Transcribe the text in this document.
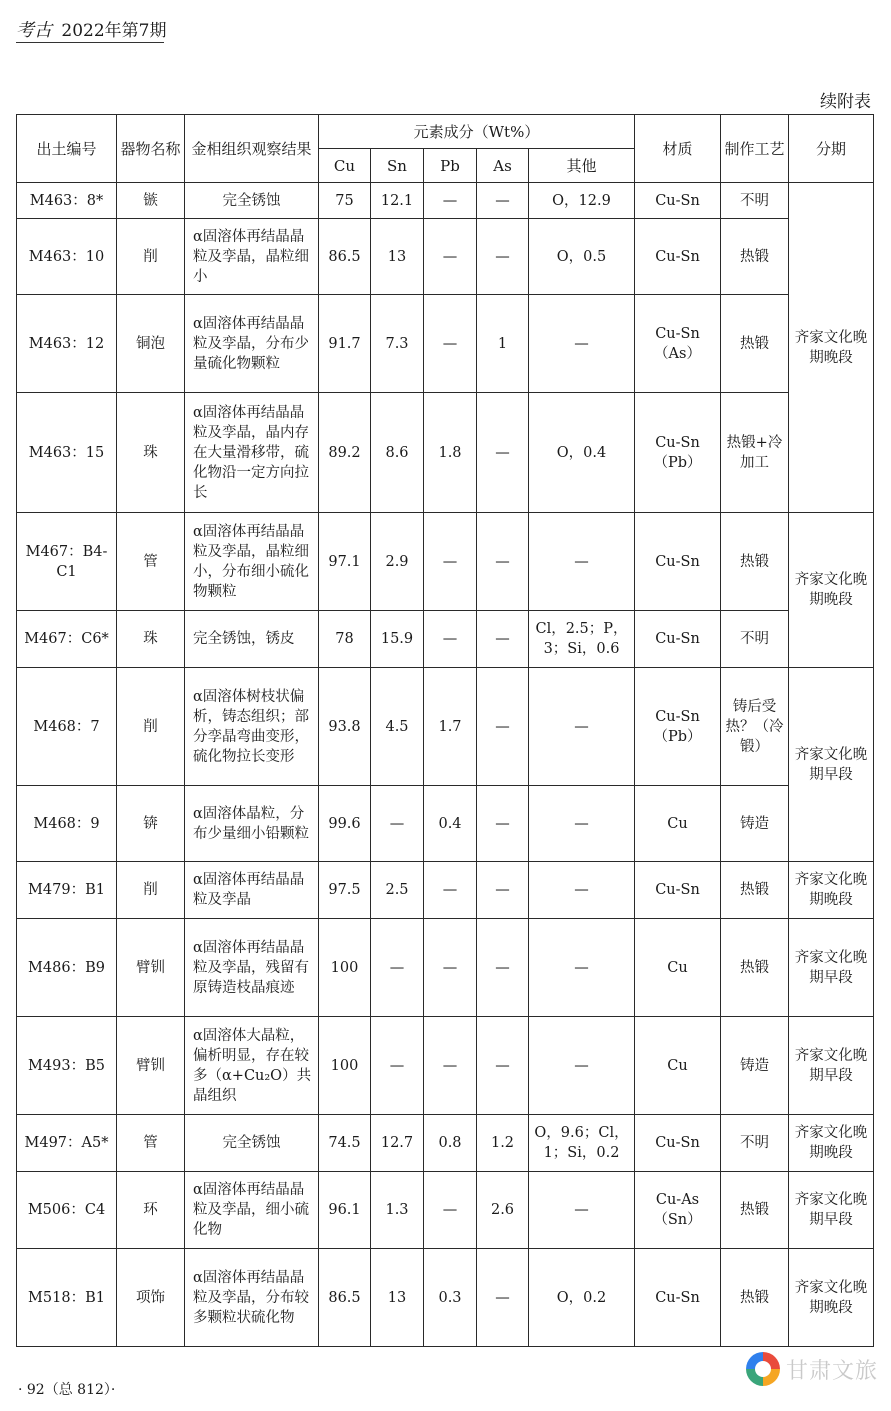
考古 2022年第7期
续附表
出土编号	器物名称	金相组织观察结果	元素成分（Wt%）					材质	制作工艺	分期
			Cu	Sn	Pb	As	其他			
M463：8*	镞	完全锈蚀	75	12.1	—	—	O，12.9	Cu-Sn	不明	齐家文化晚期晚段
M463：10	削	α固溶体再结晶晶粒及孪晶，晶粒细小	86.5	13	—	—	O，0.5	Cu-Sn	热锻	
M463：12	铜泡	α固溶体再结晶晶粒及孪晶，分布少量硫化物颗粒	91.7	7.3	—	1	—	Cu-Sn（As）	热锻	
M463：15	珠	α固溶体再结晶晶粒及孪晶，晶内存在大量滑移带，硫化物沿一定方向拉长	89.2	8.6	1.8	—	O，0.4	Cu-Sn（Pb）	热锻+冷加工	
M467：B4-C1	管	α固溶体再结晶晶粒及孪晶，晶粒细小，分布细小硫化物颗粒	97.1	2.9	—	—	—	Cu-Sn	热锻	齐家文化晚期晚段
M467：C6*	珠	完全锈蚀，锈皮	78	15.9	—	—	Cl，2.5；P，3；Si，0.6	Cu-Sn	不明	
M468：7	削	α固溶体树枝状偏析，铸态组织；部分孪晶弯曲变形，硫化物拉长变形	93.8	4.5	1.7	—	—	Cu-Sn（Pb）	铸后受热？（冷锻）	齐家文化晚期早段
M468：9	锛	α固溶体晶粒，分布少量细小铅颗粒	99.6	—	0.4	—	—	Cu	铸造	
M479：B1	削	α固溶体再结晶晶粒及孪晶	97.5	2.5	—	—	—	Cu-Sn	热锻	齐家文化晚期晚段
M486：B9	臂钏	α固溶体再结晶晶粒及孪晶，残留有原铸造枝晶痕迹	100	—	—	—	—	Cu	热锻	齐家文化晚期早段
M493：B5	臂钏	α固溶体大晶粒，偏析明显，存在较多（α+Cu₂O）共晶组织	100	—	—	—	—	Cu	铸造	齐家文化晚期早段
M497：A5*	管	完全锈蚀	74.5	12.7	0.8	1.2	O，9.6；Cl，1；Si，0.2	Cu-Sn	不明	齐家文化晚期晚段
M506：C4	环	α固溶体再结晶晶粒及孪晶，细小硫化物	96.1	1.3	—	2.6	—	Cu-As（Sn）	热锻	齐家文化晚期早段
M518：B1	项饰	α固溶体再结晶晶粒及孪晶，分布较多颗粒状硫化物	86.5	13	0.3	—	O，0.2	Cu-Sn	热锻	齐家文化晚期晚段
· 92（总 812）·
甘肃文旅
